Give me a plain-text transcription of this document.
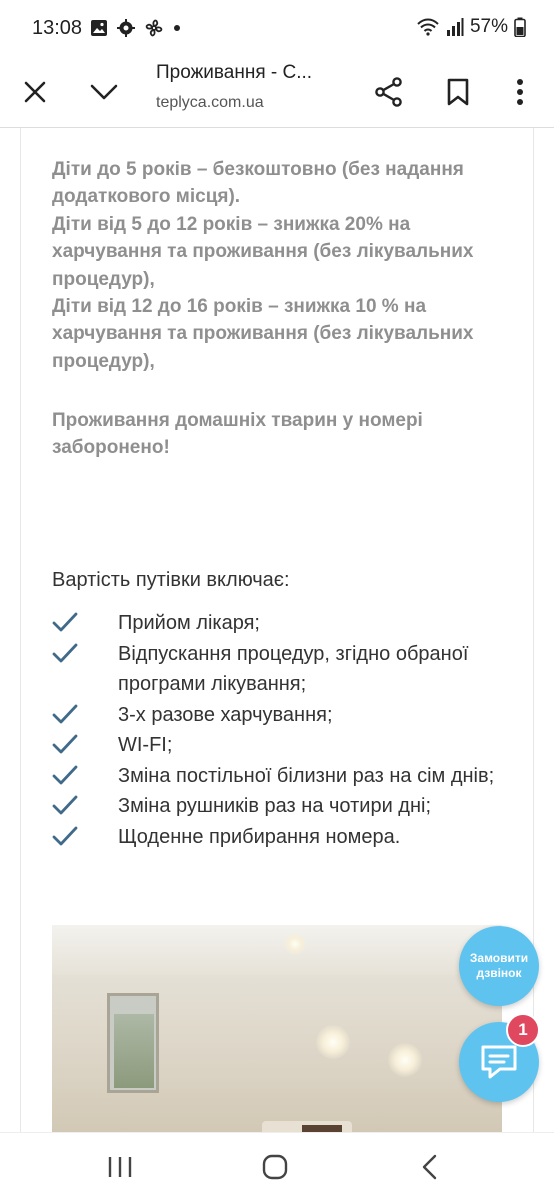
13:08	57%
Проживання - С...
teplyca.com.ua

Діти до 5 років – безкоштовно (без надання додаткового місця).

Діти від 5 до 12 років – знижка 20% на харчування та проживання (без лікувальних процедур),

Діти від 12 до 16 років – знижка 10 % на харчування та проживання (без лікувальних процедур),

Проживання домашніх тварин у номері заборонено!

Вартість путівки включає:

Прийом лікаря;
Відпускання процедур, згідно обраної програми лікування;
3-х разове харчування;
WI-FI;
Зміна постільної білизни раз на сім днів;
Зміна рушників раз на чотири дні;
Щоденне прибирання номера.
Замовити дзвінок
1
